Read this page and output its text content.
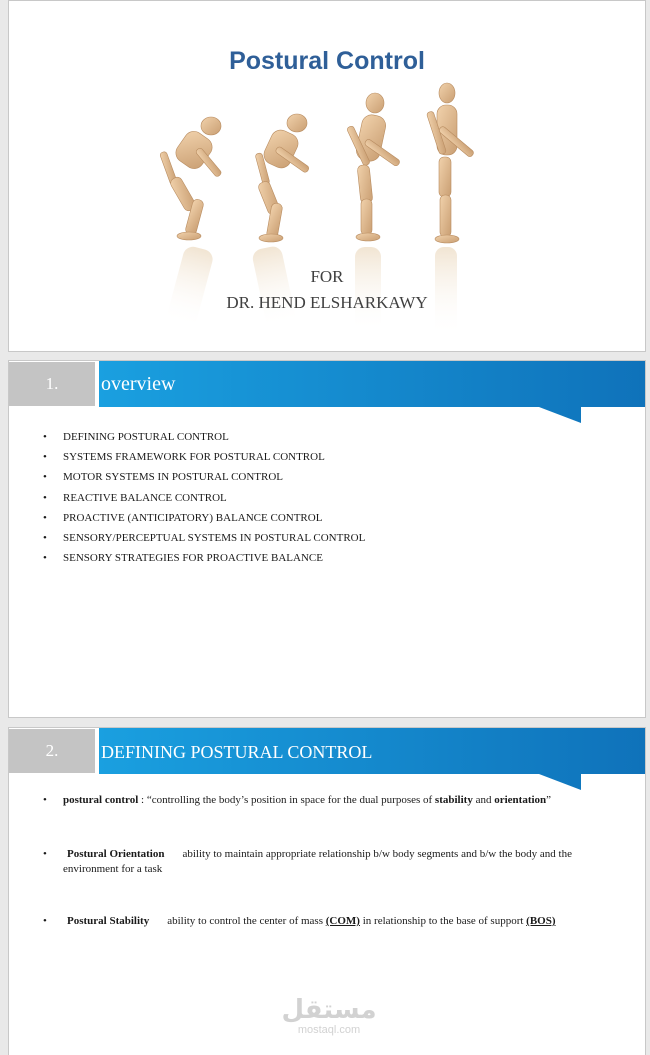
Postural Control
FOR
DR. HEND ELSHARKAWY
1.	overview
• DEFINING POSTURAL CONTROL
• SYSTEMS FRAMEWORK FOR POSTURAL CONTROL
• MOTOR SYSTEMS IN POSTURAL CONTROL
• REACTIVE BALANCE CONTROL
• PROACTIVE (ANTICIPATORY) BALANCE CONTROL
• SENSORY/PERCEPTUAL SYSTEMS IN POSTURAL CONTROL
• SENSORY STRATEGIES FOR PROACTIVE BALANCE
2.	DEFINING POSTURAL CONTROL
• postural control : “controlling the body’s position in space for the dual purposes of stability and orientation”
• Postural Orientation ability to maintain appropriate relationship b/w body segments and b/w the body and the environment for a task
• Postural Stability ability to control the center of mass (COM) in relationship to the base of support (BOS)
مستقل
mostaql.com
